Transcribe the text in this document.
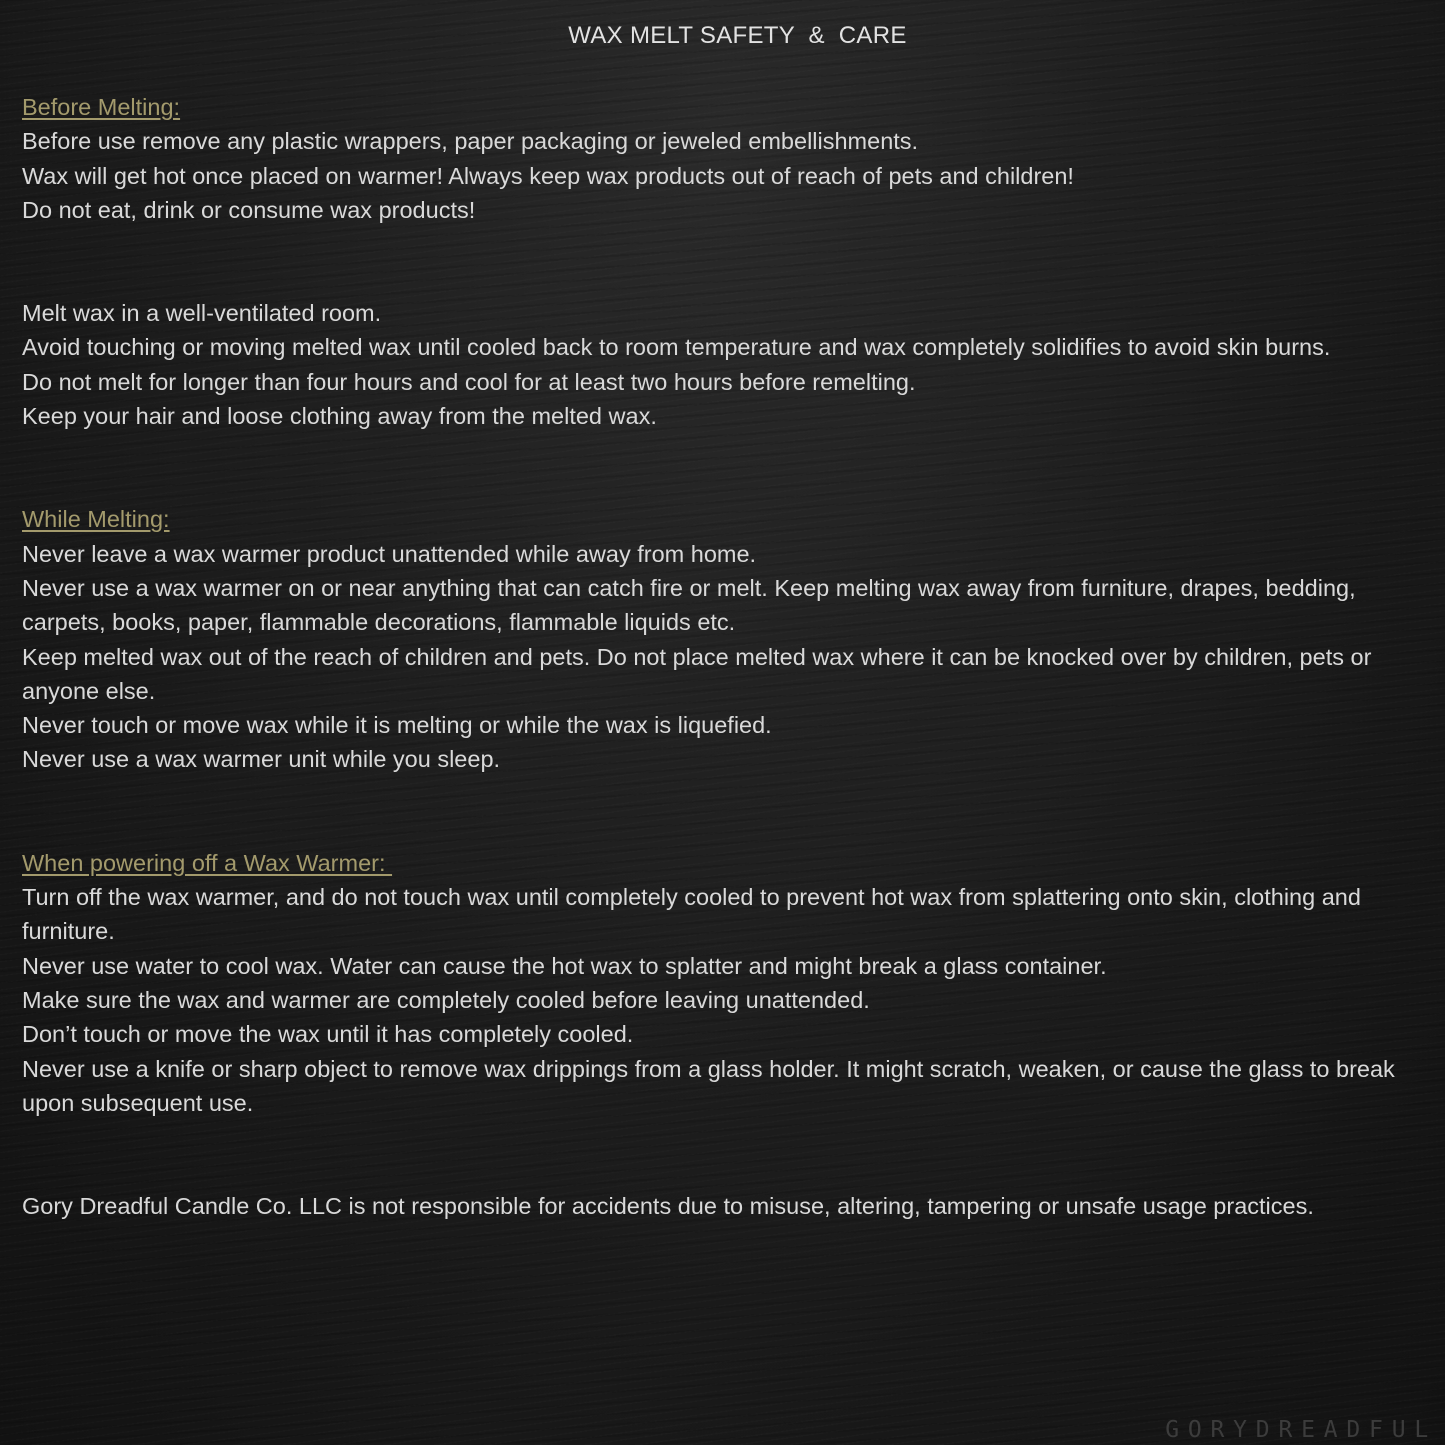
WAX MELT SAFETY  &  CARE
Before Melting:
Before use remove any plastic wrappers, paper packaging or jeweled embellishments.
Wax will get hot once placed on warmer! Always keep wax products out of reach of pets and children!
Do not eat, drink or consume wax products!
Melt wax in a well-ventilated room.
Avoid touching or moving melted wax until cooled back to room temperature and wax completely solidifies to avoid skin burns.
Do not melt for longer than four hours and cool for at least two hours before remelting.
Keep your hair and loose clothing away from the melted wax.
While Melting:
Never leave a wax warmer product unattended while away from home.
Never use a wax warmer on or near anything that can catch fire or melt. Keep melting wax away from furniture, drapes, bedding, carpets, books, paper, flammable decorations, flammable liquids etc.
Keep melted wax out of the reach of children and pets. Do not place melted wax where it can be knocked over by children, pets or anyone else.
Never touch or move wax while it is melting or while the wax is liquefied.
Never use a wax warmer unit while you sleep.
When powering off a Wax Warmer:
Turn off the wax warmer, and do not touch wax until completely cooled to prevent hot wax from splattering onto skin, clothing and furniture.
Never use water to cool wax. Water can cause the hot wax to splatter and might break a glass container.
Make sure the wax and warmer are completely cooled before leaving unattended.
Don’t touch or move the wax until it has completely cooled.
Never use a knife or sharp object to remove wax drippings from a glass holder. It might scratch, weaken, or cause the glass to break upon subsequent use.
Gory Dreadful Candle Co. LLC is not responsible for accidents due to misuse, altering, tampering or unsafe usage practices.
GORYDREADFUL
